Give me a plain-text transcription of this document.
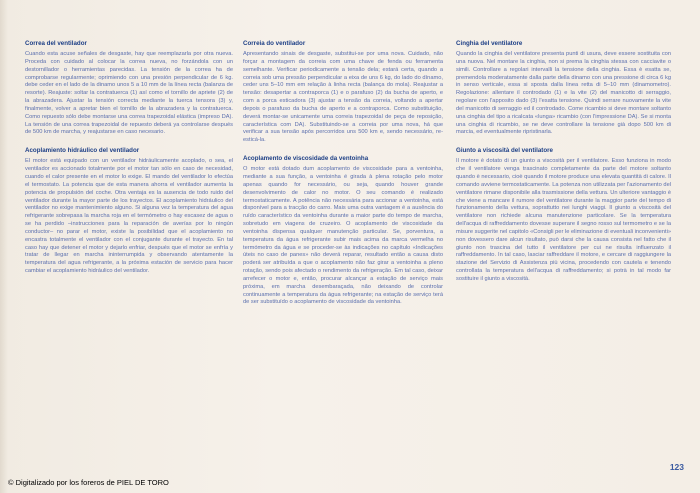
Correa del ventilador

Cuando esta acuse señales de desgaste, hay que reemplazarla por otra nueva. Proceda con cuidado al colocar la correa nueva, no forzándola con un destornillador o herramientas parecidas. La tensión de la correa ha de comprobarse regularmente; oprimiendo con una presión perpendicular de 6 kg. debe ceder en el lado de la dinamo unos 5 a 10 mm de la línea recta (balanza de resorte). Reajuste: soltar la contratuerca (1) así como el tornillo de apriete (2) de la abrazadera. Ajustar la tensión correcta mediante la tuerca tensora (3) y, finalmente, volver a apretar bien el tornillo de la abrazadera y la contratuerca. Como repuesto sólo debe montarse una correa trapezoidal elástica (impreso DA). La tensión de una correa trapezoidal de repuesto deberá ya controlarse después de 500 km de marcha, y reajustarse en caso necesario.

Acoplamiento hidráulico del ventilador

El motor está equipado con un ventilador hidráulicamente acoplado, o sea, el ventilador es accionado totalmente por el motor tan sólo en caso de necesidad, cuando el calor presente en el motor lo exige. El mando del ventilador lo efectúa el termostato. La potencia que de esta manera ahorra el ventilador aumenta la potencia de propulsión del coche. Otra ventaja es la ausencia de todo ruido del ventilador durante la mayor parte de los trayectos. El acoplamiento hidráulico del ventilador no exige mantenimiento alguno. Si alguna vez la temperatura del agua refrigerante sobrepasa la marcha roja en el termómetro o hay escasez de agua o se ha perdido –instrucciones para la reparación de averías por lo ningún conductor– no parar el motor, existe la posibilidad que el acoplamiento no encastra totalmente el ventilador con el conjugante durante el trayecto. En tal caso hay que detener el motor y dejarlo enfriar, después que el motor se enfría y tratar de llegar en marcha ininterrumpida y observando atentamente la temperatura del agua refrigerante, a la próxima estación de servicio para hacer cambiar el acoplamiento hidráulico del ventilador.

Correia do ventilador

Apresentando sinais de desgaste, substitui-se por uma nova. Cuidado, não forçar a montagem da correia com uma chave de fenda ou ferramenta semelhante. Verificar periodicamente a tensão dela; estará certa, quando a correia sob uma pressão perpendicular a eixa de uns 6 kg, do lado do dínamo, ceder uns 5–10 mm em relação à linha recta (balança do mola). Reajustar a tensão: desapertar a contraporca (1) e o parafuso (2) da bucha de aperto, e com a porca esticadora (3) ajustar a tensão da correia, voltando a apertar depois o parafuso da bucha de aperto e a contraporca. Como substituição, deverá montar-se unicamente uma correia trapezoidal de peça de reposição, característica com DA). Substituindo-se a correia por uma nova, há que verificar a sua tensão após percorridos uns 500 km e, sendo necessário, re-esticá-la.

Acoplamento de viscosidade da ventoinha

O motor está dotado dum acoplamento de viscosidade para a ventoinha, mediante a sua função, a ventoinha é girada à plena rotação pelo motor apenas quando for necessário, ou seja, quando houver grande desenvolvimento de calor no motor. O seu comando é realizado termostaticamente. A potência não necessária para accionar a ventoinha, está disponível para a tracção do carro. Mais uma outra vantagem é a ausência do ruído característico da ventoinha durante a maior parte do tempo de marcha, sobretudo em viagens de cruzeiro. O acoplamento de viscosidade da ventoinha dispensa qualquer manutenção particular. Se, porventura, a temperatura da água refrigerante subir mais acima da marca vermelha no termómetro da água e se proceder-se às indicações no capítulo «Indicações úteis no caso de panes» não deverá reparar, resultado então a causa disto poderá ser atribuída a que o acoplamento não faz girar a ventoinha a pleno rotação, sendo pois afectado o rendimento da refrigeração. Em tal caso, deixar arrefecer o motor e, então, procurar alcançar a estação de serviço mais próxima, em marcha desembaraçada, não deixando de controlar continuamente a temperatura da água refrigerante; na estação de serviço terá de ser substituído o acoplamento de viscosidade da ventoinha.

Cinghia del ventilatore

Quando la cinghia del ventilatore presenta punti di usura, deve essere sostituita con una nuova. Nel montare la cinghia, non si prema la cinghia stessa con cacciavite o simili. Controllare a regolari intervalli la tensione della cinghia. Essa è esatta se, premendola moderatamente dalla parte della dinamo con una pressione di circa 6 kg in senso verticale, essa si sposta dalla linea retta di 5–10 mm (dinamometro). Regolazione: allentare il controdado (1) e la vite (2) del manicotto di serraggio, regolare con l'apposito dado (3) l'esatta tensione. Quindi serrare nuovamente la vite del manicotto di serraggio ed il controdado. Come ricambio si deve montare soltanto una cinghia del tipo a ricalcata «lunga» ricambio (con l'impressione DA). Se si monta una cinghia di ricambio, se ne deve controllare la tensione già dopo 500 km di marcia, ed eventualmente ripristinarla.

Giunto a viscosità del ventilatore

Il motore è dotato di un giunto a viscosità per il ventilatore. Esso funziona in modo che il ventilatore venga trascinato completamente da parte del motore soltanto quando è necessario, cioè quando il motore produce una elevata quantità di calore. Il comando avviene termostaticamente. La potenza non utilizzata per l'azionamento del ventilatore rimane disponibile alla trasmissione della vettura. Un ulteriore vantaggio è che viene a mancare il rumore del ventilatore durante la maggior parte del tempo di funzionamento della vettura, soprattutto nei lunghi viaggi. Il giunto a viscosità del ventilatore non richiede alcuna manutenzione particolare. Se la temperatura dell'acqua di raffreddamento dovesse superare il segno rosso sul termometro e se la misure suggerite nel capitolo «Consigli per le eliminazione di eventuali inconvenienti» non dovessero dare alcun risultato, può darsi che la causa consista nel fatto che il giunto non trascina del tutto il ventilatore per cui ne risulta influenzato il raffreddamento. In tal caso, lasciar raffreddare il motore, e cercare di raggiungere la stazione del Servizio di Assistenza più vicina, procedendo con cautela e tenendo controllata la temperatura dell'acqua di raffreddamento; si potrà in tal modo far sostituire il giunto a viscosità.

123
© Digitalizado por los foreros de PIEL DE TORO
